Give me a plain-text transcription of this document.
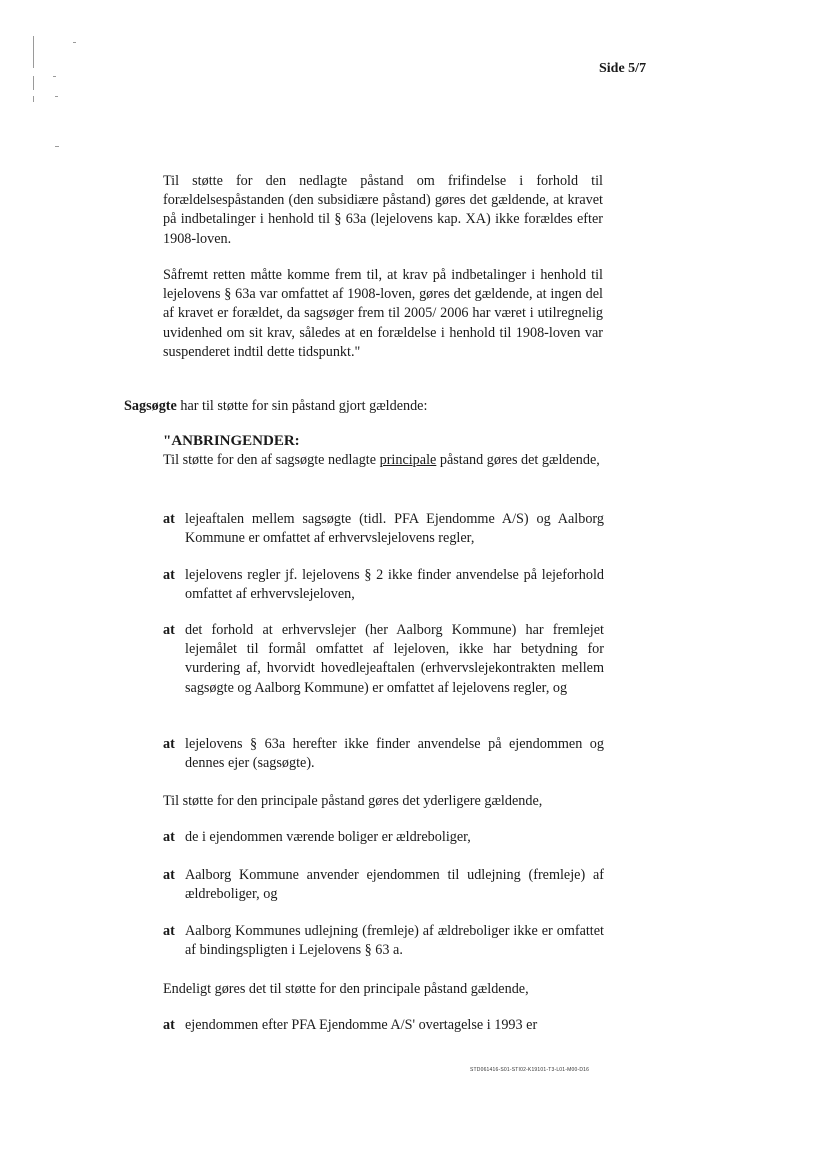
Side 5/7

Til støtte for den nedlagte påstand om frifindelse i forhold til forældelsespåstanden (den subsidiære påstand) gøres det gældende, at kravet på indbetalinger i henhold til § 63a (lejelovens kap. XA) ikke forældes efter 1908-loven.

Såfremt retten måtte komme frem til, at krav på indbetalinger i henhold til lejelovens § 63a var omfattet af 1908-loven, gøres det gældende, at ingen del af kravet er forældet, da sagsøger frem til 2005/ 2006 har været i utilregnelig uvidenhed om sit krav, således at en forældelse i henhold til 1908-loven var suspenderet indtil dette tidspunkt."

Sagsøgte har til støtte for sin påstand gjort gældende:

"ANBRINGENDER:
Til støtte for den af sagsøgte nedlagte principale påstand gøres det gældende,

at lejeaftalen mellem sagsøgte (tidl. PFA Ejendomme A/S) og Aalborg Kommune er omfattet af erhvervslejelovens regler,
at lejelovens regler jf. lejelovens § 2 ikke finder anvendelse på lejeforhold omfattet af erhvervslejeloven,
at det forhold at erhvervslejer (her Aalborg Kommune) har fremlejet lejemålet til formål omfattet af lejeloven, ikke har betydning for vurdering af, hvorvidt hovedlejeaftalen (erhvervslejekontrakten mellem sagsøgte og Aalborg Kommune) er omfattet af lejelovens regler, og
at lejelovens § 63a herefter ikke finder anvendelse på ejendommen og dennes ejer (sagsøgte).

Til støtte for den principale påstand gøres det yderligere gældende,

at de i ejendommen værende boliger er ældreboliger,
at Aalborg Kommune anvender ejendommen til udlejning (fremleje) af ældreboliger, og
at Aalborg Kommunes udlejning (fremleje) af ældreboliger ikke er omfattet af bindingspligten i Lejelovens § 63 a.

Endeligt gøres det til støtte for den principale påstand gældende,

at ejendommen efter PFA Ejendomme A/S' overtagelse i 1993 er
STD061416-S01-STI02-K19101-T3-L01-M00-D16
